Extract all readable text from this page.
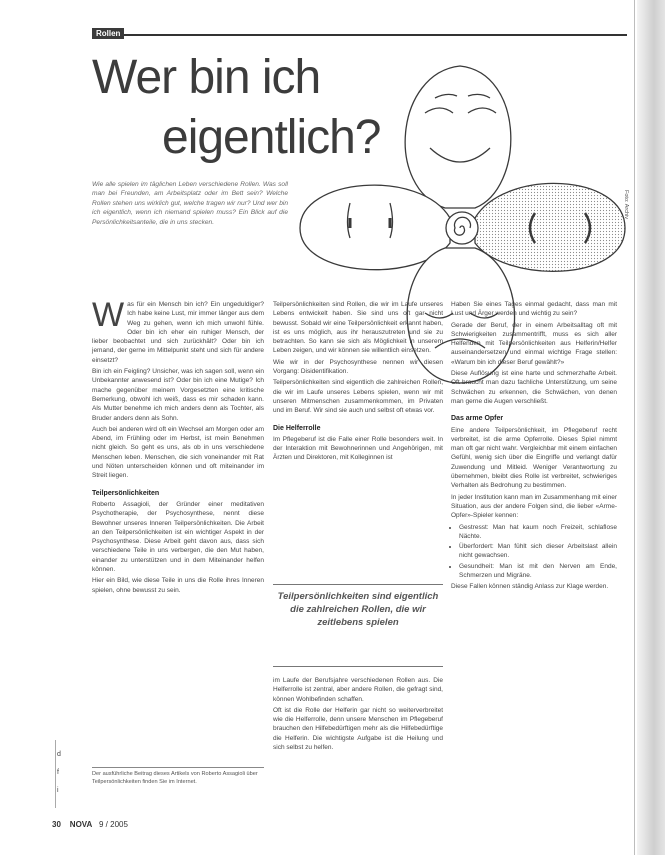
Rollen
Wer bin ich
eigentlich?
Wie alle spielen im täglichen Leben verschiedene Rollen. Was soll man bei Freunden, am Arbeitsplatz oder im Bett sein? Welche Rollen stehen uns wirklich gut, welche tragen wir nur? Und wer bin ich eigentlich, wenn ich niemand spielen muss? Ein Blick auf die Persönlichkeitsanteile, die in uns stecken.
Foto: Archiv
W as für ein Mensch bin ich? Ein ungeduldiger? Ich habe keine Lust, mir immer länger aus dem Weg zu gehen, wenn ich mich unwohl fühle. Oder bin ich eher ein ruhiger Mensch, der lieber beobachtet und sich zurückhält? Oder bin ich jemand, der gerne im Mittelpunkt steht und sich für andere einsetzt?

Bin ich ein Feigling? Unsicher, was ich sagen soll, wenn ein Unbekannter anwesend ist? Oder bin ich eine Mutige? Ich mache gegenüber meinem Vorgesetzten eine kritische Bemerkung, obwohl ich weiß, dass es mir schaden kann. Als Mutter benehme ich mich anders denn als Tochter, als Bruder anders denn als Sohn.

Auch bei anderen wird oft ein Wechsel am Morgen oder am Abend, im Frühling oder im Herbst, ist mein Benehmen nicht gleich. So geht es uns, als ob in uns verschiedene Menschen leben. Menschen, die sich voneinander mit Rat und Nöten unterscheiden können und oft miteinander im Streit liegen.

Teilpersönlichkeiten

Roberto Assagioli, der Gründer einer meditativen Psychotherapie, der Psychosynthese, nennt diese Bewohner unseres Inneren Teilpersönlichkeiten. Die Arbeit an den Teilpersönlichkeiten ist ein wichtiger Aspekt in der Psychosynthese. Diese Arbeit geht davon aus, dass sich verschiedene Teile in uns verbergen, die den Mut haben, einander zu unterstützen und in dem Miteinander helfen können.

Hier ein Bild, wie diese Teile in uns die Rolle ihres Inneren spielen, ohne bewusst zu sein.

Teilpersönlichkeiten sind Rollen, die wir im Laufe unseres Lebens entwickelt haben. Sie sind uns oft gar nicht bewusst. Sobald wir eine Teilpersönlichkeit erkannt haben, ist es uns möglich, aus ihr herauszutreten und sie zu betrachten. So kann sie sich als Möglichkeit in unserem Leben zeigen, und wir können sie willentlich einsetzen.

Wie wir in der Psychosynthese nennen wir diesen Vorgang: Disidentifikation.

Teilpersönlichkeiten sind eigentlich die zahlreichen Rollen, die wir im Laufe unseres Lebens spielen, wenn wir mit unseren Mitmenschen zusammenkommen, im Privaten und im Beruf. Wir sind sie auch und selbst oft etwas vor.

Die Helferrolle

Im Pflegeberuf ist die Falle einer Rolle besonders weit. In der Interaktion mit Bewohnerinnen und Angehörigen, mit Ärzten und Direktoren, mit Kolleginnen ist

Teilpersönlichkeiten sind eigentlich die zahlreichen Rollen, die wir zeitlebens spielen

im Laufe der Berufsjahre verschiedenen Rollen aus. Die Helferrolle ist zentral, aber andere Rollen, die gefragt sind, können Wohlbefinden schaffen.

Oft ist die Rolle der Helferin gar nicht so weiterverbreitet wie die Helferrolle, denn unsere Menschen im Pflegeberuf brauchen den Hilfebedürftigen mehr als die Hilfebedürftige die Helferin. Die wichtigste Aufgabe ist die Heilung und sich selbst zu helfen.

Haben Sie eines Tages einmal gedacht, dass man mit Lust und Ärger werden und wichtig zu sein?

Gerade der Beruf, der in einem Arbeitsalltag oft mit Schwierigkeiten zusammentrifft, muss es sich aller Helfenden mit Teilpersönlichkeiten aus Helferin/Helfer auseinandersetzen und einmal wichtige Frage stellen: «Warum bin ich dieser Beruf gewählt?»

Diese Auflösung ist eine harte und schmerzhafte Arbeit. Oft braucht man dazu fachliche Unterstützung, um seine Schwächen zu erkennen, die Schwächen, von denen man gerne die Augen verschließt.

Das arme Opfer

Eine andere Teilpersönlichkeit, im Pflegeberuf recht verbreitet, ist die arme Opferrolle. Dieses Spiel nimmt man oft gar nicht wahr. Vergleichbar mit einem einfachen Gefühl, wenig sich über die Eingriffe und verlangt dafür Zuwendung und Mitleid. Weniger Verantwortung zu übernehmen, bleibt dies Rolle ist verbreitet, schwieriges Verhalten als Bedrohung zu bestimmen.

In jeder Institution kann man im Zusammenhang mit einer Situation, aus der andere Folgen sind, die lieber «Arme-Opfer»-Spieler kennen:

• Gestresst: Man hat kaum noch Freizeit, schlaflose Nächte.
• Überfordert: Man fühlt sich dieser Arbeitslast allein nicht gewachsen.
• Gesundheit: Man ist mit den Nerven am Ende, Schmerzen und Migräne.

Diese Fallen können ständig Anlass zur Klage werden.

Der ausführliche Beitrag dieses Artikels von Roberto Assagioli über Teilpersönlichkeiten finden Sie im Internet.
d
f
i
30 NOVA 9 / 2005
